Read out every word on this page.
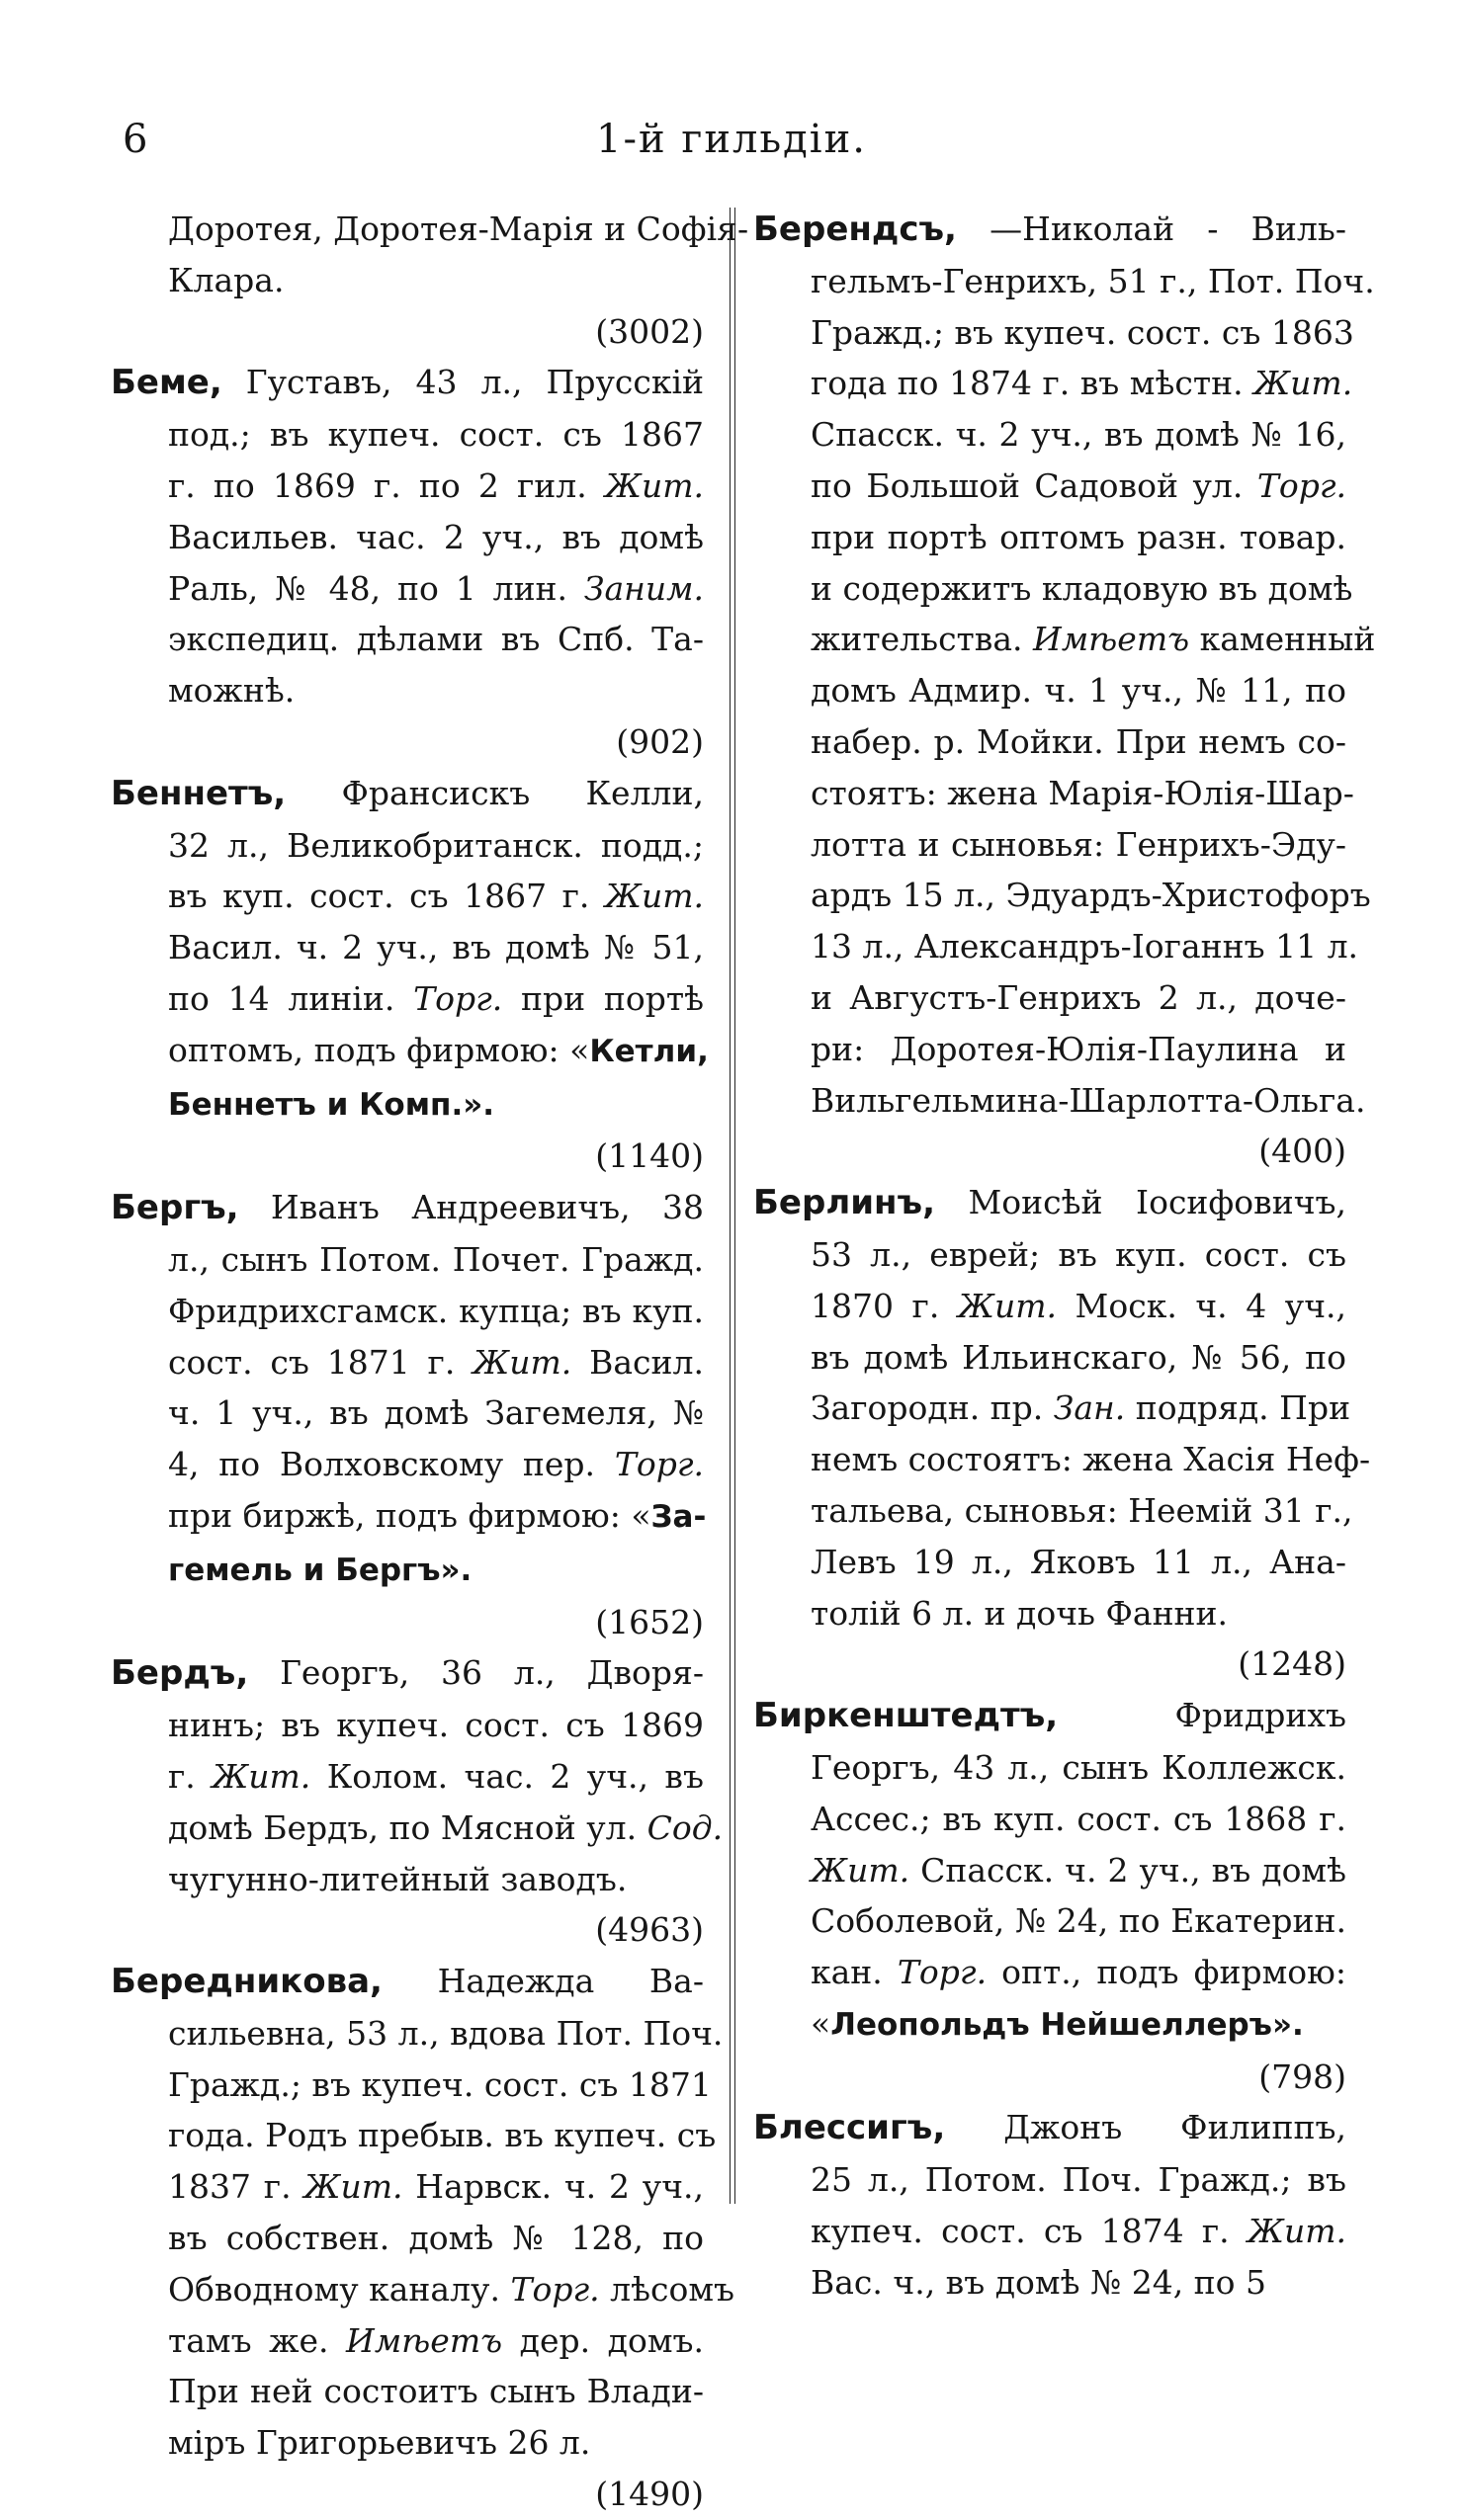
6	1-й гильдіи.
Доротея, Доротея-Марія и Софія-
Клара.
(3002)
Беме, Густавъ, 43 л., Прусскій
под.; въ купеч. сост. съ 1867
г. по 1869 г. по 2 гил. Жит.
Васильев. час. 2 уч., въ домѣ
Раль, № 48, по 1 лин. Заним.
экспедиц. дѣлами въ Спб. Та-
можнѣ.
(902)
Беннетъ, Франсискъ Келли,
32 л., Великобританск. подд.;
въ куп. сост. съ 1867 г. Жит.
Васил. ч. 2 уч., въ домѣ № 51,
по 14 линіи. Торг. при портѣ
оптомъ, подъ фирмою: «Кетли,
Беннетъ и Комп.».
(1140)
Бергъ, Иванъ Андреевичъ, 38
л., сынъ Потом. Почет. Гражд.
Фридрихсгамск. купца; въ куп.
сост. съ 1871 г. Жит. Васил.
ч. 1 уч., въ домѣ Загемеля, №
4, по Волховскому пер. Торг.
при биржѣ, подъ фирмою: «За-
гемель и Бергъ».
(1652)
Бердъ, Георгъ, 36 л., Дворя-
нинъ; въ купеч. сост. съ 1869
г. Жит. Колом. час. 2 уч., въ
домѣ Бердъ, по Мясной ул. Сод.
чугунно-литейный заводъ.
(4963)
Бередникова, Надежда Ва-
сильевна, 53 л., вдова Пот. Поч.
Гражд.; въ купеч. сост. съ 1871
года. Родъ пребыв. въ купеч. съ
1837 г. Жит. Нарвск. ч. 2 уч.,
въ собствен. домѣ № 128, по
Обводному каналу. Торг. лѣсомъ
тамъ же. Имѣетъ дер. домъ.
При ней состоитъ сынъ Влади-
міръ Григорьевичъ 26 л.
(1490)
Берендсъ, —Николай - Виль-
гельмъ-Генрихъ, 51 г., Пот. Поч.
Гражд.; въ купеч. сост. съ 1863
года по 1874 г. въ мѣстн. Жит.
Спасск. ч. 2 уч., въ домѣ № 16,
по Большой Садовой ул. Торг.
при портѣ оптомъ разн. товар.
и содержитъ кладовую въ домѣ
жительства. Имѣетъ каменный
домъ Адмир. ч. 1 уч., № 11, по
набер. р. Мойки. При немъ со-
стоятъ: жена Марія-Юлія-Шар-
лотта и сыновья: Генрихъ-Эду-
ардъ 15 л., Эдуардъ-Христофоръ
13 л., Александръ-Іоганнъ 11 л.
и Августъ-Генрихъ 2 л., доче-
ри: Доротея-Юлія-Паулина и
Вильгельмина-Шарлотта-Ольга.
(400)
Берлинъ, Моисѣй Іосифовичъ,
53 л., еврей; въ куп. сост. съ
1870 г. Жит. Моск. ч. 4 уч.,
въ домѣ Ильинскаго, № 56, по
Загородн. пр. Зан. подряд. При
немъ состоятъ: жена Хасія Неф-
тальева, сыновья: Неемій 31 г.,
Левъ 19 л., Яковъ 11 л., Ана-
толій 6 л. и дочь Фанни.
(1248)
Биркенштедтъ, Фридрихъ
Георгъ, 43 л., сынъ Коллежск.
Ассес.; въ куп. сост. съ 1868 г.
Жит. Спасск. ч. 2 уч., въ домѣ
Соболевой, № 24, по Екатерин.
кан. Торг. опт., подъ фирмою:
«Леопольдъ Нейшеллеръ».
(798)
Блессигъ, Джонъ Филиппъ,
25 л., Потом. Поч. Гражд.; въ
купеч. сост. съ 1874 г. Жит.
Вас. ч., въ домѣ № 24, по 5
